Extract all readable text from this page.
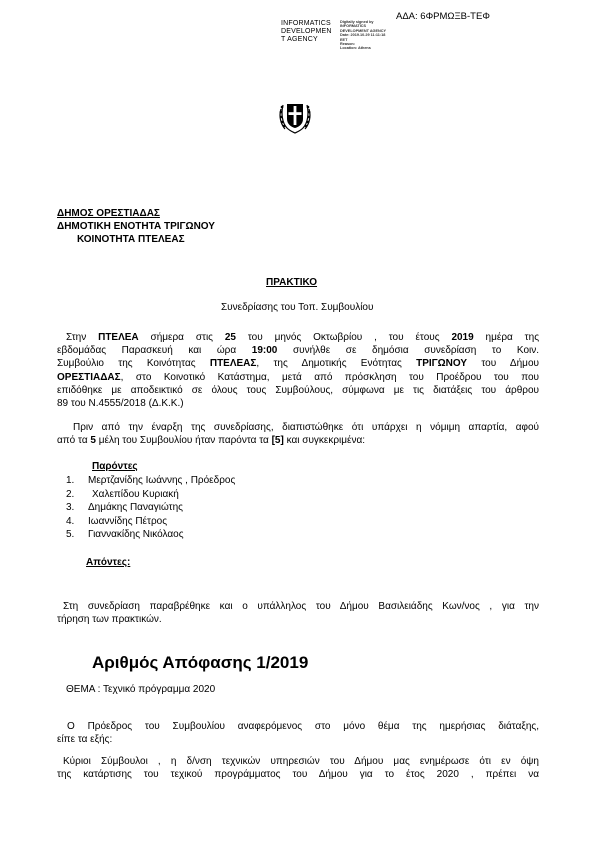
ΑΔΑ: 6ΦΡΜΩΞΒ-ΤΕΦ
INFORMATICS
DEVELOPMEN
T AGENCY
Digitally signed by
INFORMATICS
DEVELOPMENT AGENCY
Date: 2019.10.29 11:11:18
EET
Reason:
Location: Athens
ΔΗΜΟΣ ΟΡΕΣΤΙΑΔΑΣ
ΔΗΜΟΤΙΚΗ ΕΝΟΤΗΤΑ ΤΡΙΓΩΝΟΥ
ΚΟΙΝΟΤΗΤΑ ΠΤΕΛΕΑΣ
ΠΡΑΚΤΙΚΟ
Συνεδρίασης του Τοπ. Συμβουλίου
Στην ΠΤΕΛΕΑ σήμερα στις 25 του μηνός Οκτωβρίου , του έτους 2019 ημέρα της
εβδομάδας Παρασκευή και ώρα 19:00 συνήλθε σε δημόσια συνεδρίαση το Κοιν.
Συμβούλιο της Κοινότητας ΠΤΕΛΕΑΣ, της Δημοτικής Ενότητας ΤΡΙΓΩΝΟΥ του Δήμου
ΟΡΕΣΤΙΑΔΑΣ, στο Κοινοτικό Κατάστημα, μετά από πρόσκληση του Προέδρου του που
επιδόθηκε με αποδεικτικό σε όλους τους Συμβούλους, σύμφωνα με τις διατάξεις του άρθρου
89 του Ν.4555/2018 (Δ.Κ.Κ.)
Πριν από την έναρξη της συνεδρίασης, διαπιστώθηκε ότι υπάρχει η νόμιμη απαρτία, αφού
από τα 5 μέλη του Συμβουλίου ήταν παρόντα τα [5] και συγκεκριμένα:
Παρόντες
1. Μερτζανίδης Ιωάννης , Πρόεδρος
2. Χαλεπίδου Κυριακή
3. Δημάκης Παναγιώτης
4. Ιωαννίδης Πέτρος
5. Γιαννακίδης Νικόλαος
Απόντες:
Στη συνεδρίαση παραβρέθηκε και ο υπάλληλος του Δήμου Βασιλειάδης Κων/νος , για την
τήρηση των πρακτικών.
Αριθμός Απόφασης 1/2019
ΘΕΜΑ : Τεχνικό πρόγραμμα 2020
Ο Πρόεδρος του Συμβουλίου αναφερόμενος στο μόνο θέμα της ημερήσιας διάταξης,
είπε τα εξής:
Κύριοι Σύμβουλοι , η δ/νση τεχνικών υπηρεσιών του Δήμου μας ενημέρωσε ότι εν όψη
της κατάρτισης του τεχικού προγράμματος του Δήμου για το έτος 2020 , πρέπει να
